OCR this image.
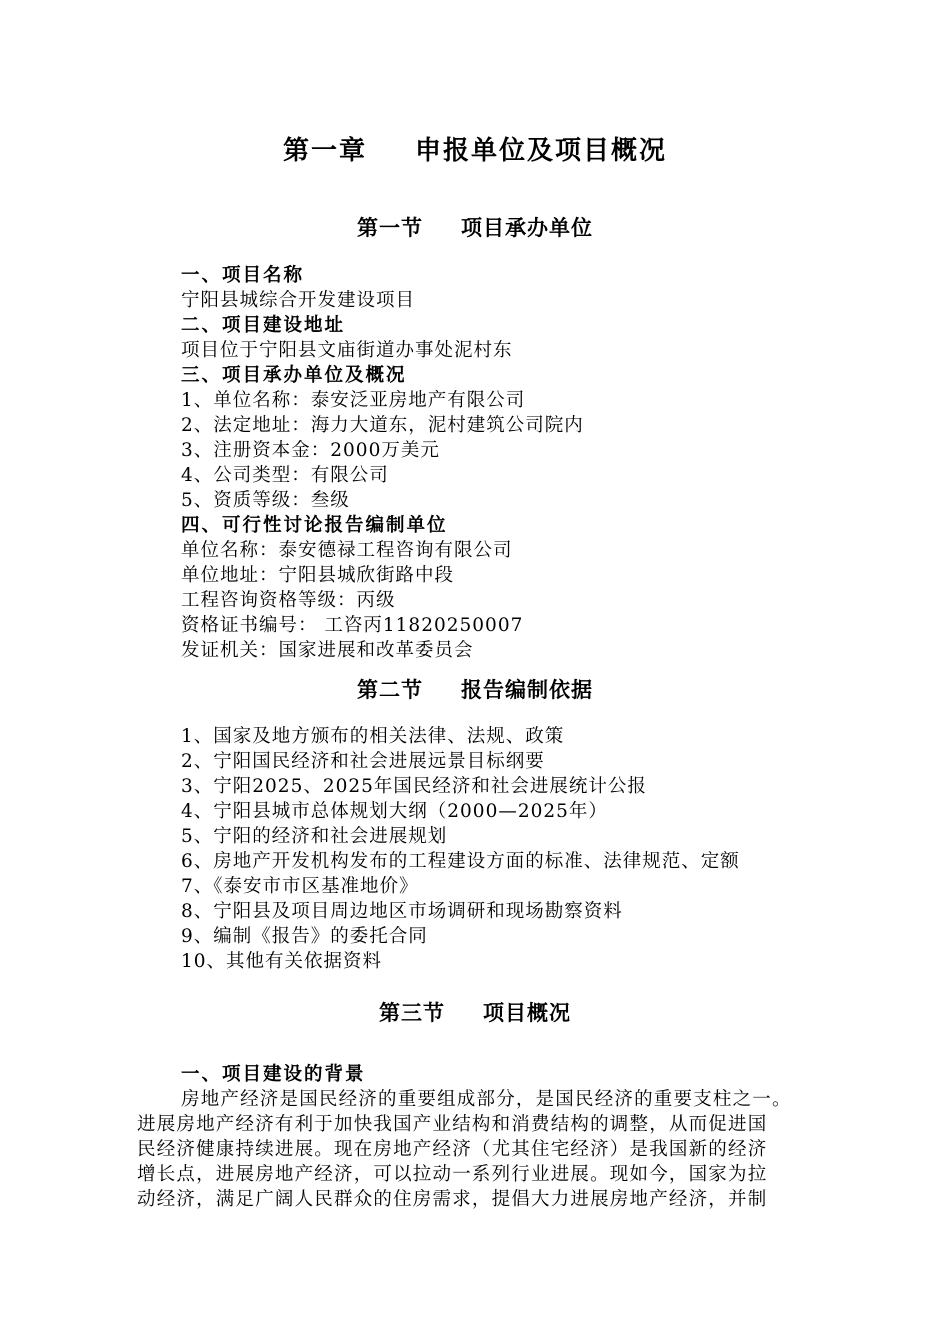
第一章 申报单位及项目概况
第一节 项目承办单位
一、项目名称
宁阳县城综合开发建设项目
二、项目建设地址
项目位于宁阳县文庙街道办事处泥村东
三、项目承办单位及概况
1、单位名称：泰安泛亚房地产有限公司
2、法定地址：海力大道东，泥村建筑公司院内
3、注册资本金：2000万美元
4、公司类型：有限公司
5、资质等级：叁级
四、可行性讨论报告编制单位
单位名称：泰安德禄工程咨询有限公司
单位地址：宁阳县城欣街路中段
工程咨询资格等级：丙级
资格证书编号： 工咨丙11820250007
发证机关：国家进展和改革委员会
第二节 报告编制依据
1、国家及地方颁布的相关法律、法规、政策
2、宁阳国民经济和社会进展远景目标纲要
3、宁阳2025、2025年国民经济和社会进展统计公报
4、宁阳县城市总体规划大纲（2000—2025年）
5、宁阳的经济和社会进展规划
6、房地产开发机构发布的工程建设方面的标准、法律规范、定额
7、《泰安市市区基准地价》
8、宁阳县及项目周边地区市场调研和现场勘察资料
9、编制《报告》的委托合同
10、其他有关依据资料
第三节 项目概况
一、项目建设的背景
房地产经济是国民经济的重要组成部分，是国民经济的重要支柱之一。
进展房地产经济有利于加快我国产业结构和消费结构的调整，从而促进国
民经济健康持续进展。现在房地产经济（尤其住宅经济）是我国新的经济
增长点，进展房地产经济，可以拉动一系列行业进展。现如今，国家为拉
动经济，满足广阔人民群众的住房需求，提倡大力进展房地产经济，并制
